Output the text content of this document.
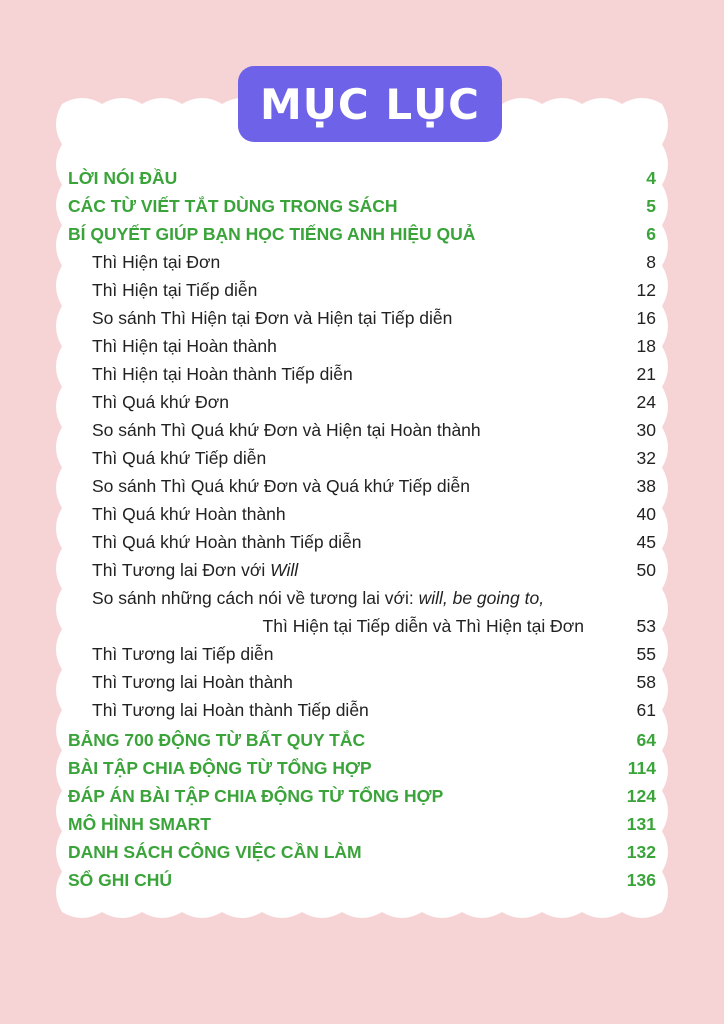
MỤC LỤC
LỜI NÓI ĐẦU	4
CÁC TỪ VIẾT TẮT DÙNG TRONG SÁCH	5
BÍ QUYẾT GIÚP BẠN HỌC TIẾNG ANH HIỆU QUẢ	6
Thì Hiện tại Đơn	8
Thì Hiện tại Tiếp diễn	12
So sánh Thì Hiện tại Đơn và Hiện tại Tiếp diễn	16
Thì Hiện tại Hoàn thành	18
Thì Hiện tại Hoàn thành Tiếp diễn	21
Thì Quá khứ Đơn	24
So sánh Thì Quá khứ Đơn và Hiện tại Hoàn thành	30
Thì Quá khứ Tiếp diễn	32
So sánh Thì Quá khứ Đơn và Quá khứ Tiếp diễn	38
Thì Quá khứ Hoàn thành	40
Thì Quá khứ Hoàn thành Tiếp diễn	45
Thì Tương lai Đơn với Will	50
So sánh những cách nói về tương lai với: will, be going to,
Thì Hiện tại Tiếp diễn và Thì Hiện tại Đơn	53
Thì Tương lai Tiếp diễn	55
Thì Tương lai Hoàn thành	58
Thì Tương lai Hoàn thành Tiếp diễn	61
BẢNG 700 ĐỘNG TỪ BẤT QUY TẮC	64
BÀI TẬP CHIA ĐỘNG TỪ TỔNG HỢP	114
ĐÁP ÁN BÀI TẬP CHIA ĐỘNG TỪ TỔNG HỢP	124
MÔ HÌNH SMART	131
DANH SÁCH CÔNG VIỆC CẦN LÀM	132
SỔ GHI CHÚ	136
